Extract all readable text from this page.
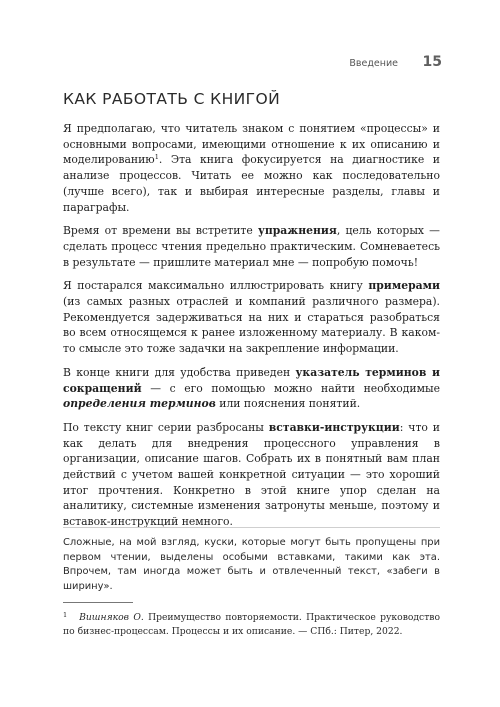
Введение 15
КАК РАБОТАТЬ С КНИГОЙ

Я предполагаю, что читатель знаком с понятием «процессы» и основными вопросами, имеющими отношение к их описанию и моделированию$^1$. Эта книга фокусируется на диагностике и анализе процессов. Читать ее можно как последовательно (лучше всего), так и выбирая интересные разделы, главы и параграфы.

Время от времени вы встретите упражнения, цель которых — сделать процесс чтения предельно практическим. Сомневаетесь в результате — пришлите материал мне — попробую помочь!

Я постарался максимально иллюстрировать книгу примерами (из самых разных отраслей и компаний различного размера). Рекомендуется задерживаться на них и стараться разобраться во всем относящемся к ранее изложенному материалу. В каком-то смысле это тоже задачки на закрепление информации.

В конце книги для удобства приведен указатель терминов и сокращений — с его помощью можно найти необходимые определения терминов или пояснения понятий.

По тексту книг серии разбросаны вставки-инструкции: что и как делать для внедрения процессного управления в организации, описание шагов. Собрать их в понятный вам план действий с учетом вашей конкретной ситуации — это хороший итог прочтения. Конкретно в этой книге упор сделан на аналитику, системные изменения затронуты меньше, поэтому и вставок-инструкций немного.

Сложные, на мой взгляд, куски, которые могут быть пропущены при первом чтении, выделены особыми вставками, такими как эта. Впрочем, там иногда может быть и отвлеченный текст, «забеги в ширину».
$^1$ Вишняков О. Преимущество повторяемости. Практическое руководство по бизнес-процессам. Процессы и их описание. — СПб.: Питер, 2022.
